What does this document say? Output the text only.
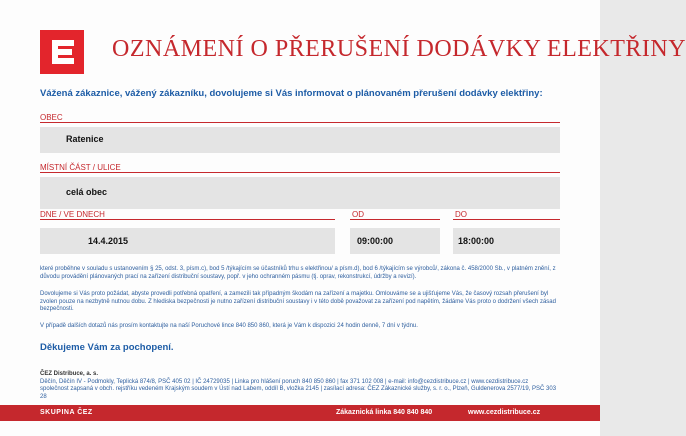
OZNÁMENÍ O PŘERUŠENÍ DODÁVKY ELEKTŘINY
Vážená zákaznice, vážený zákazníku, dovolujeme si Vás informovat o plánovaném přerušení dodávky elektřiny:
OBEC
Ratenice
MÍSTNÍ ČÁST / ULICE
celá obec
DNE / VE DNECH	OD	DO
14.4.2015	09:00:00	18:00:00
které proběhne v souladu s ustanovením § 25, odst. 3, písm.c), bod 5 /týkajícím se účastníků trhu s elektřinou/ a písm.d), bod 6 /týkajícím se výrobců/, zákona č. 458/2000 Sb., v platném znění, z důvodu provádění plánovaných prací na zařízení distribuční soustavy, popř. v jeho ochranném pásmu (tj. oprav, rekonstrukcí, údržby a revizí).
Dovolujeme si Vás proto požádat, abyste provedli potřebná opatření, a zamezili tak případným škodám na zařízení a majetku. Omlouváme se a ujišťujeme Vás, že časový rozsah přerušení byl zvolen pouze na nezbytně nutnou dobu. Z hlediska bezpečnosti je nutno zařízení distribuční soustavy i v této době považovat za zařízení pod napětím, žádáme Vás proto o dodržení všech zásad bezpečnosti.
V případě dalších dotazů nás prosím kontaktujte na naší Poruchové lince 840 850 860, která je Vám k dispozici 24 hodin denně, 7 dní v týdnu.
Děkujeme Vám za pochopení.
ČEZ Distribuce, a. s.
Děčín, Děčín IV - Podmokly, Teplická 874/8, PSČ 405 02 | IČ 24729035 | Linka pro hlášení poruch 840 850 860 | fax 371 102 008 | e-mail: info@cezdistribuce.cz | www.cezdistribuce.cz
společnost zapsaná v obch. rejstříku vedeném Krajským soudem v Ústí nad Labem, oddíl B, vložka 2145 | zasílací adresa: ČEZ Zákaznické služby, s. r. o., Plzeň, Guldenerova 2577/19, PSČ 303 28
SKUPINA ČEZ	Zákaznická linka 840 840 840	www.cezdistribuce.cz
